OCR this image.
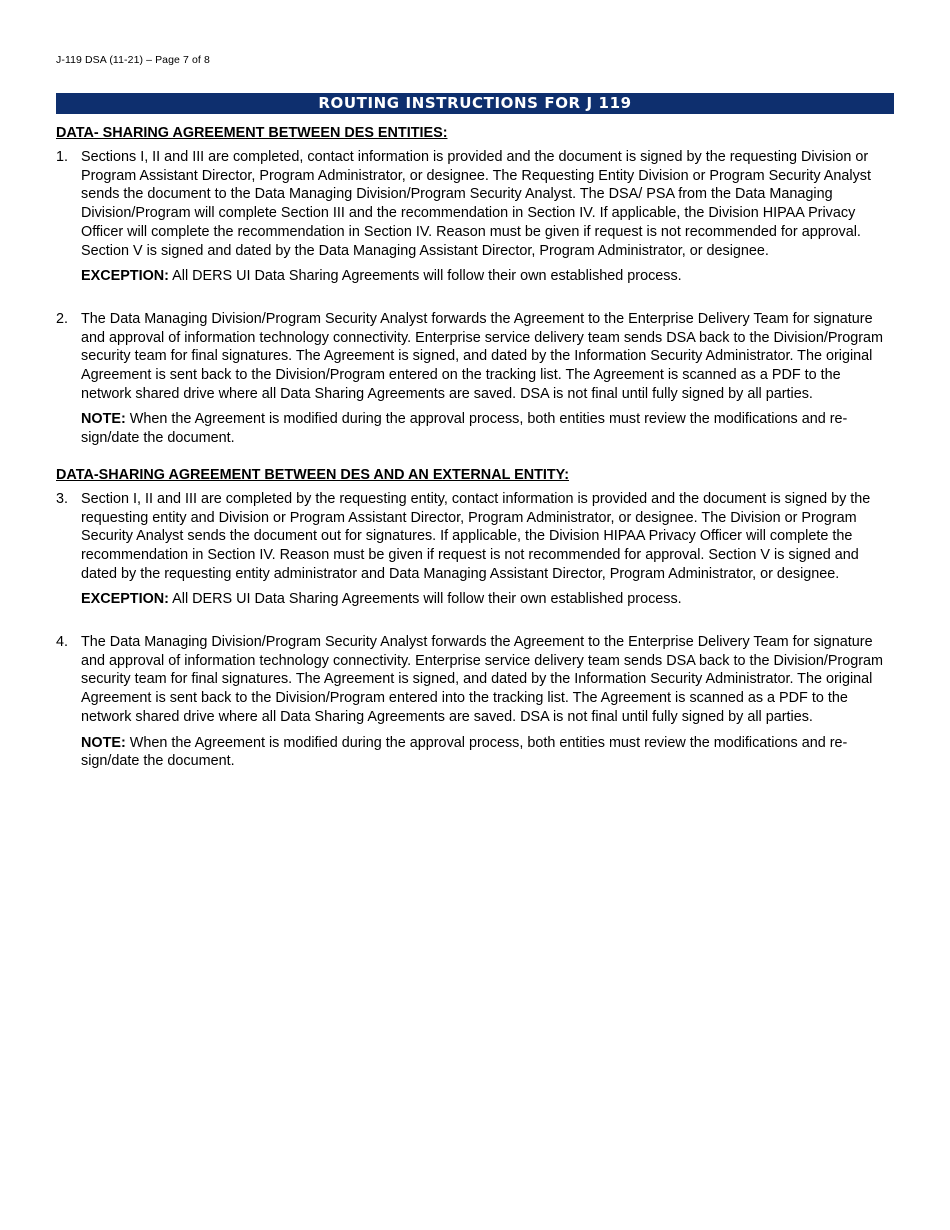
J-119 DSA (11-21) – Page 7 of 8
ROUTING INSTRUCTIONS FOR J 119

DATA- SHARING AGREEMENT BETWEEN DES ENTITIES:

1. Sections I, II and III are completed, contact information is provided and the document is signed by the requesting Division or Program Assistant Director, Program Administrator, or designee. The Requesting Entity Division or Program Security Analyst sends the document to the Data Managing Division/Program Security Analyst. The DSA/ PSA from the Data Managing Division/Program will complete Section III and the recommendation in Section IV. If applicable, the Division HIPAA Privacy Officer will complete the recommendation in Section IV. Reason must be given if request is not recommended for approval. Section V is signed and dated by the Data Managing Assistant Director, Program Administrator, or designee.

EXCEPTION: All DERS UI Data Sharing Agreements will follow their own established process.

2. The Data Managing Division/Program Security Analyst forwards the Agreement to the Enterprise Delivery Team for signature and approval of information technology connectivity. Enterprise service delivery team sends DSA back to the Division/Program security team for final signatures. The Agreement is signed, and dated by the Information Security Administrator. The original Agreement is sent back to the Division/Program entered on the tracking list. The Agreement is scanned as a PDF to the network shared drive where all Data Sharing Agreements are saved. DSA is not final until fully signed by all parties.

NOTE: When the Agreement is modified during the approval process, both entities must review the modifications and re-sign/date the document.

DATA-SHARING AGREEMENT BETWEEN DES AND AN EXTERNAL ENTITY:

3. Section I, II and III are completed by the requesting entity, contact information is provided and the document is signed by the requesting entity and Division or Program Assistant Director, Program Administrator, or designee. The Division or Program Security Analyst sends the document out for signatures. If applicable, the Division HIPAA Privacy Officer will complete the recommendation in Section IV. Reason must be given if request is not recommended for approval. Section V is signed and dated by the requesting entity administrator and Data Managing Assistant Director, Program Administrator, or designee.

EXCEPTION: All DERS UI Data Sharing Agreements will follow their own established process.

4. The Data Managing Division/Program Security Analyst forwards the Agreement to the Enterprise Delivery Team for signature and approval of information technology connectivity. Enterprise service delivery team sends DSA back to the Division/Program security team for final signatures. The Agreement is signed, and dated by the Information Security Administrator. The original Agreement is sent back to the Division/Program entered into the tracking list. The Agreement is scanned as a PDF to the network shared drive where all Data Sharing Agreements are saved. DSA is not final until fully signed by all parties.

NOTE: When the Agreement is modified during the approval process, both entities must review the modifications and re-sign/date the document.
